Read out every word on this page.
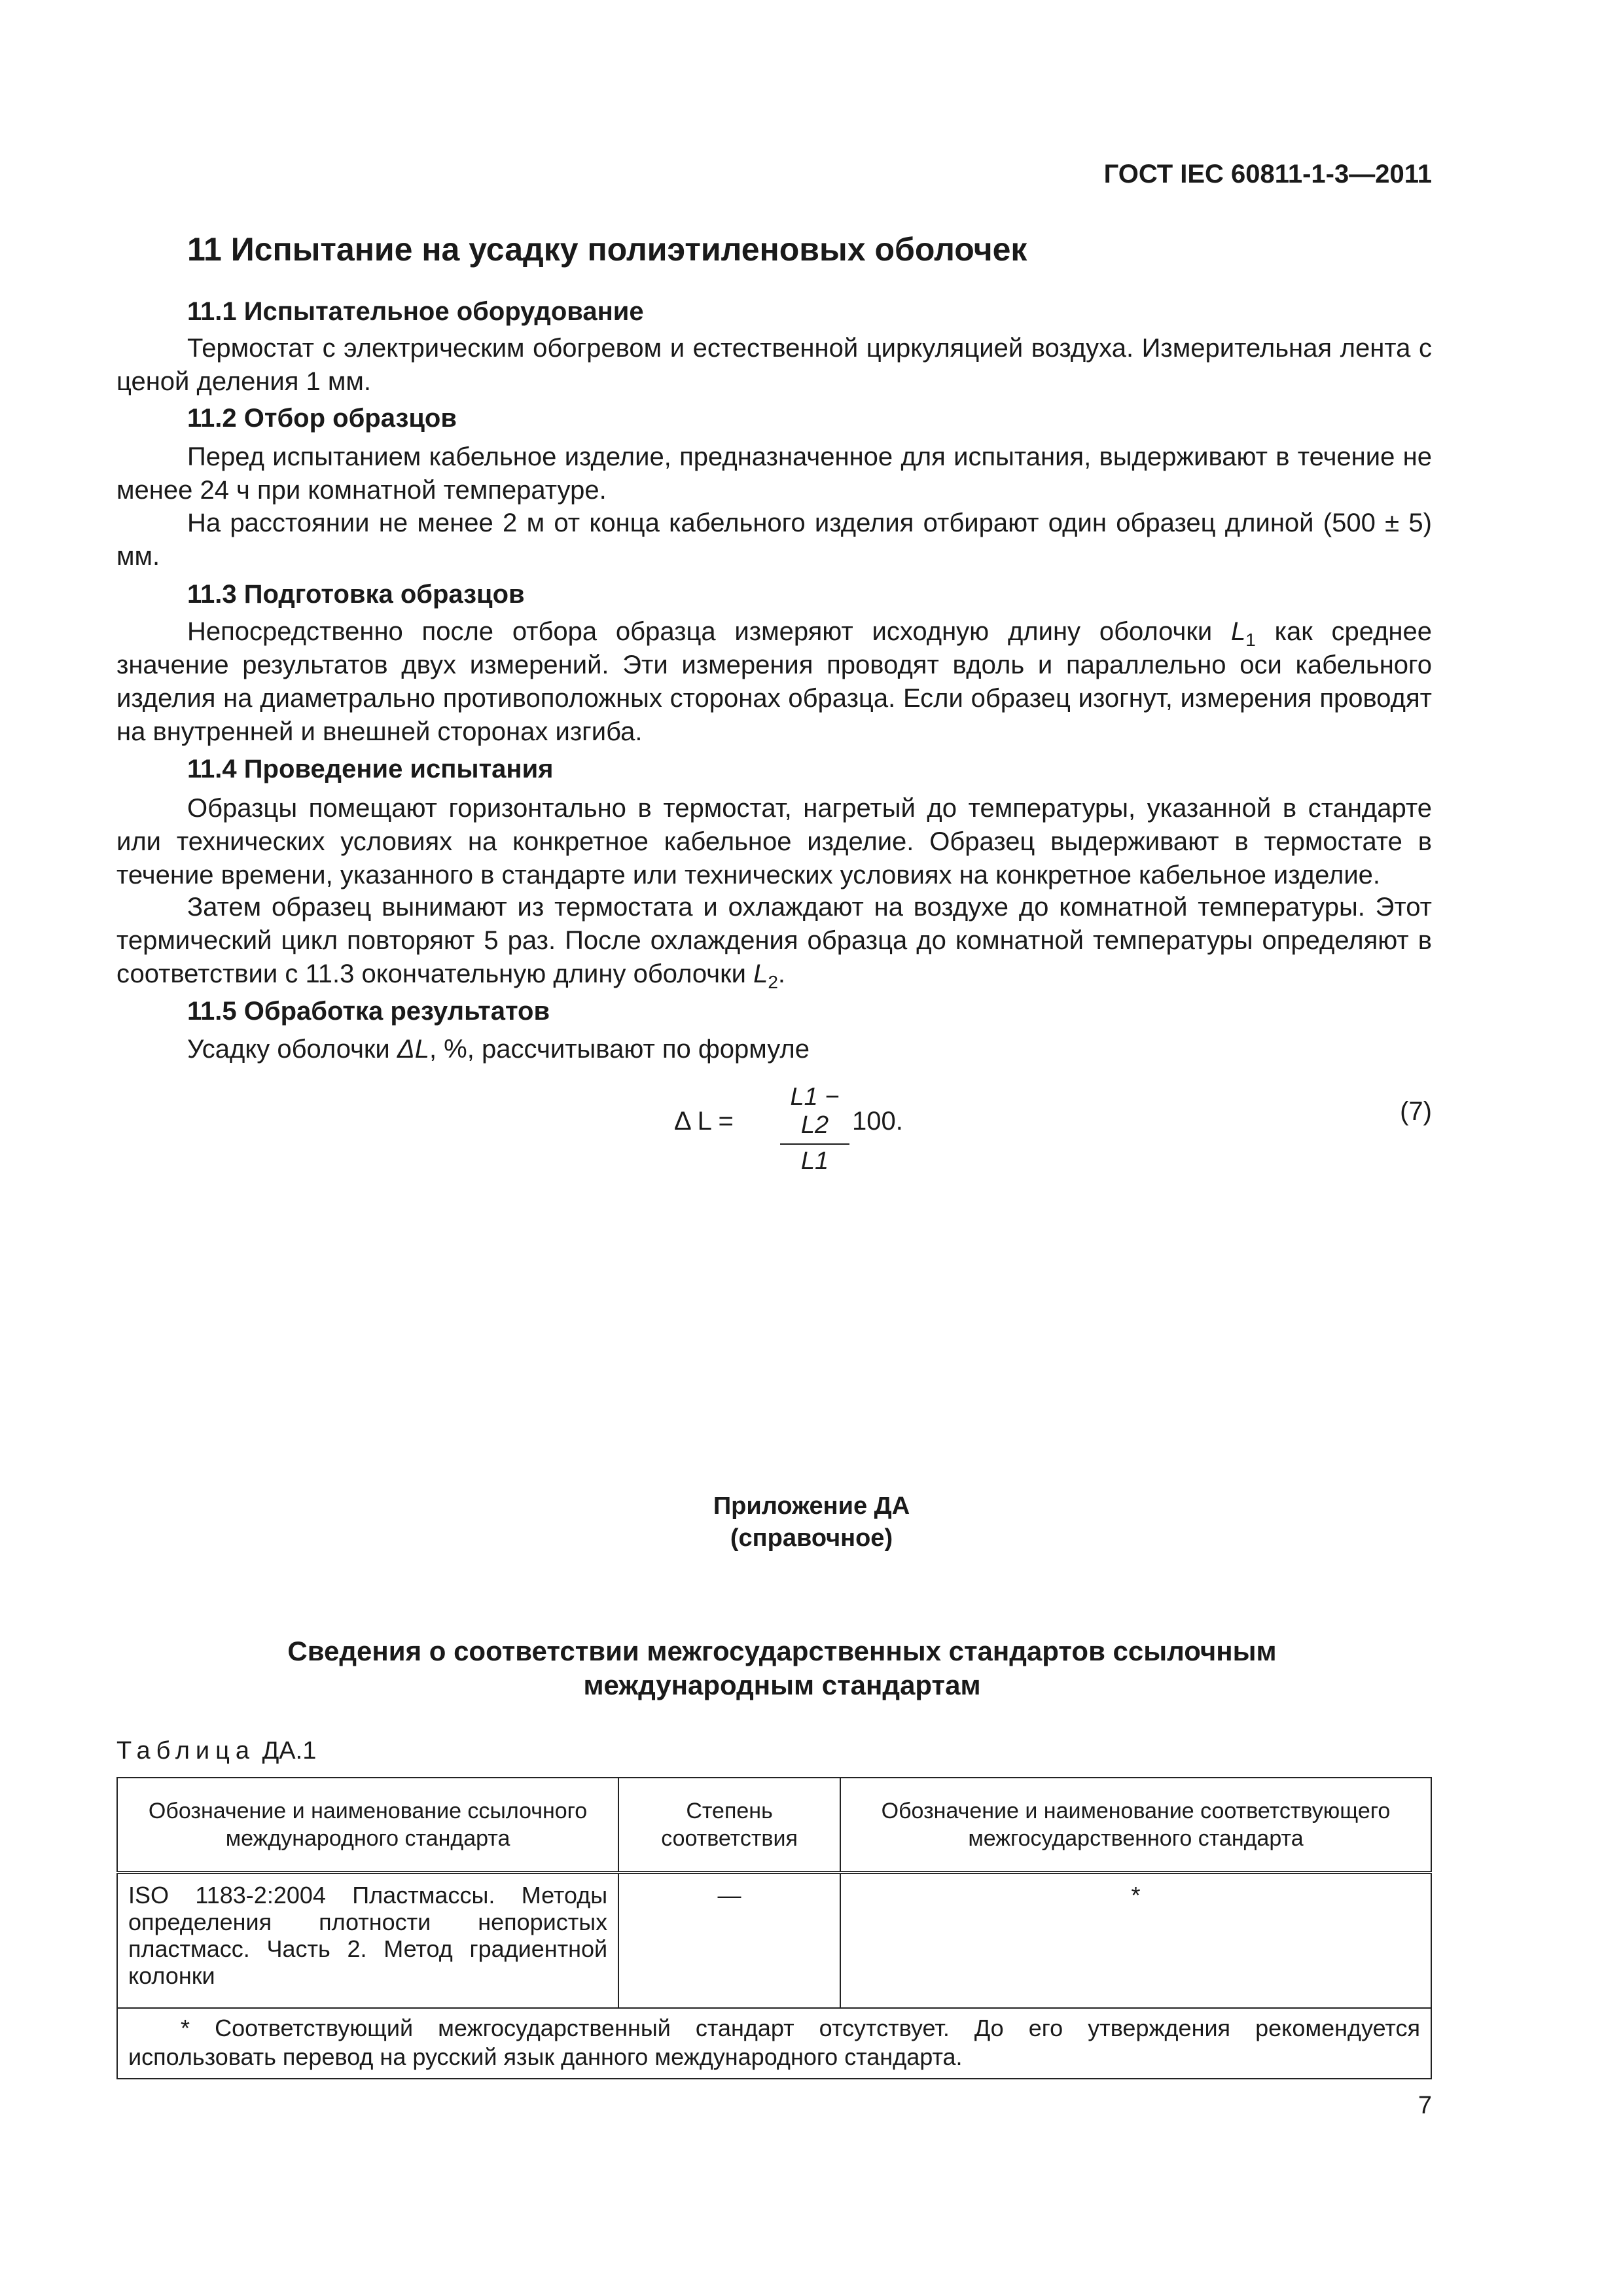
ГОСТ IEC 60811-1-3—2011
11 Испытание на усадку полиэтиленовых оболочек
11.1 Испытательное оборудование

Термостат с электрическим обогревом и естественной циркуляцией воздуха. Измерительная лента с ценой деления 1 мм.

11.2 Отбор образцов

Перед испытанием кабельное изделие, предназначенное для испытания, выдерживают в течение не менее 24 ч при комнатной температуре.

На расстоянии не менее 2 м от конца кабельного изделия отбирают один образец длиной (500 ± 5) мм.

11.3 Подготовка образцов

Непосредственно после отбора образца измеряют исходную длину оболочки $L_1$ как среднее значение результатов двух измерений. Эти измерения проводят вдоль и параллельно оси кабельного изделия на диаметрально противоположных сторонах образца. Если образец изогнут, измерения проводят на внутренней и внешней сторонах изгиба.

11.4 Проведение испытания

Образцы помещают горизонтально в термостат, нагретый до температуры, указанной в стандарте или технических условиях на конкретное кабельное изделие. Образец выдерживают в термостате в течение времени, указанного в стандарте или технических условиях на конкретное кабельное изделие.

Затем образец вынимают из термостата и охлаждают на воздухе до комнатной температуры. Этот термический цикл повторяют 5 раз. После охлаждения образца до комнатной температуры определяют в соответствии с 11.3 окончательную длину оболочки $L_2$.

11.5 Обработка результатов

Усадку оболочки ΔL, %, рассчитывают по формуле

Δ L =
L1 − L2
L1
100.	(7)
Приложение ДА
(справочное)
Сведения о соответствии межгосударственных стандартов ссылочным международным стандартам
Таблица ДА.1
Обозначение и наименование ссылочного международного стандарта	Степень соответствия	Обозначение и наименование соответствующего межгосударственного стандарта
ISO 1183-2:2004 Пластмассы. Методы определения плотности непористых пластмасс. Часть 2. Метод градиентной колонки	—	*
* Соответствующий межгосударственный стандарт отсутствует. До его утверждения рекомендуется использовать перевод на русский язык данного международного стандарта.		
7
